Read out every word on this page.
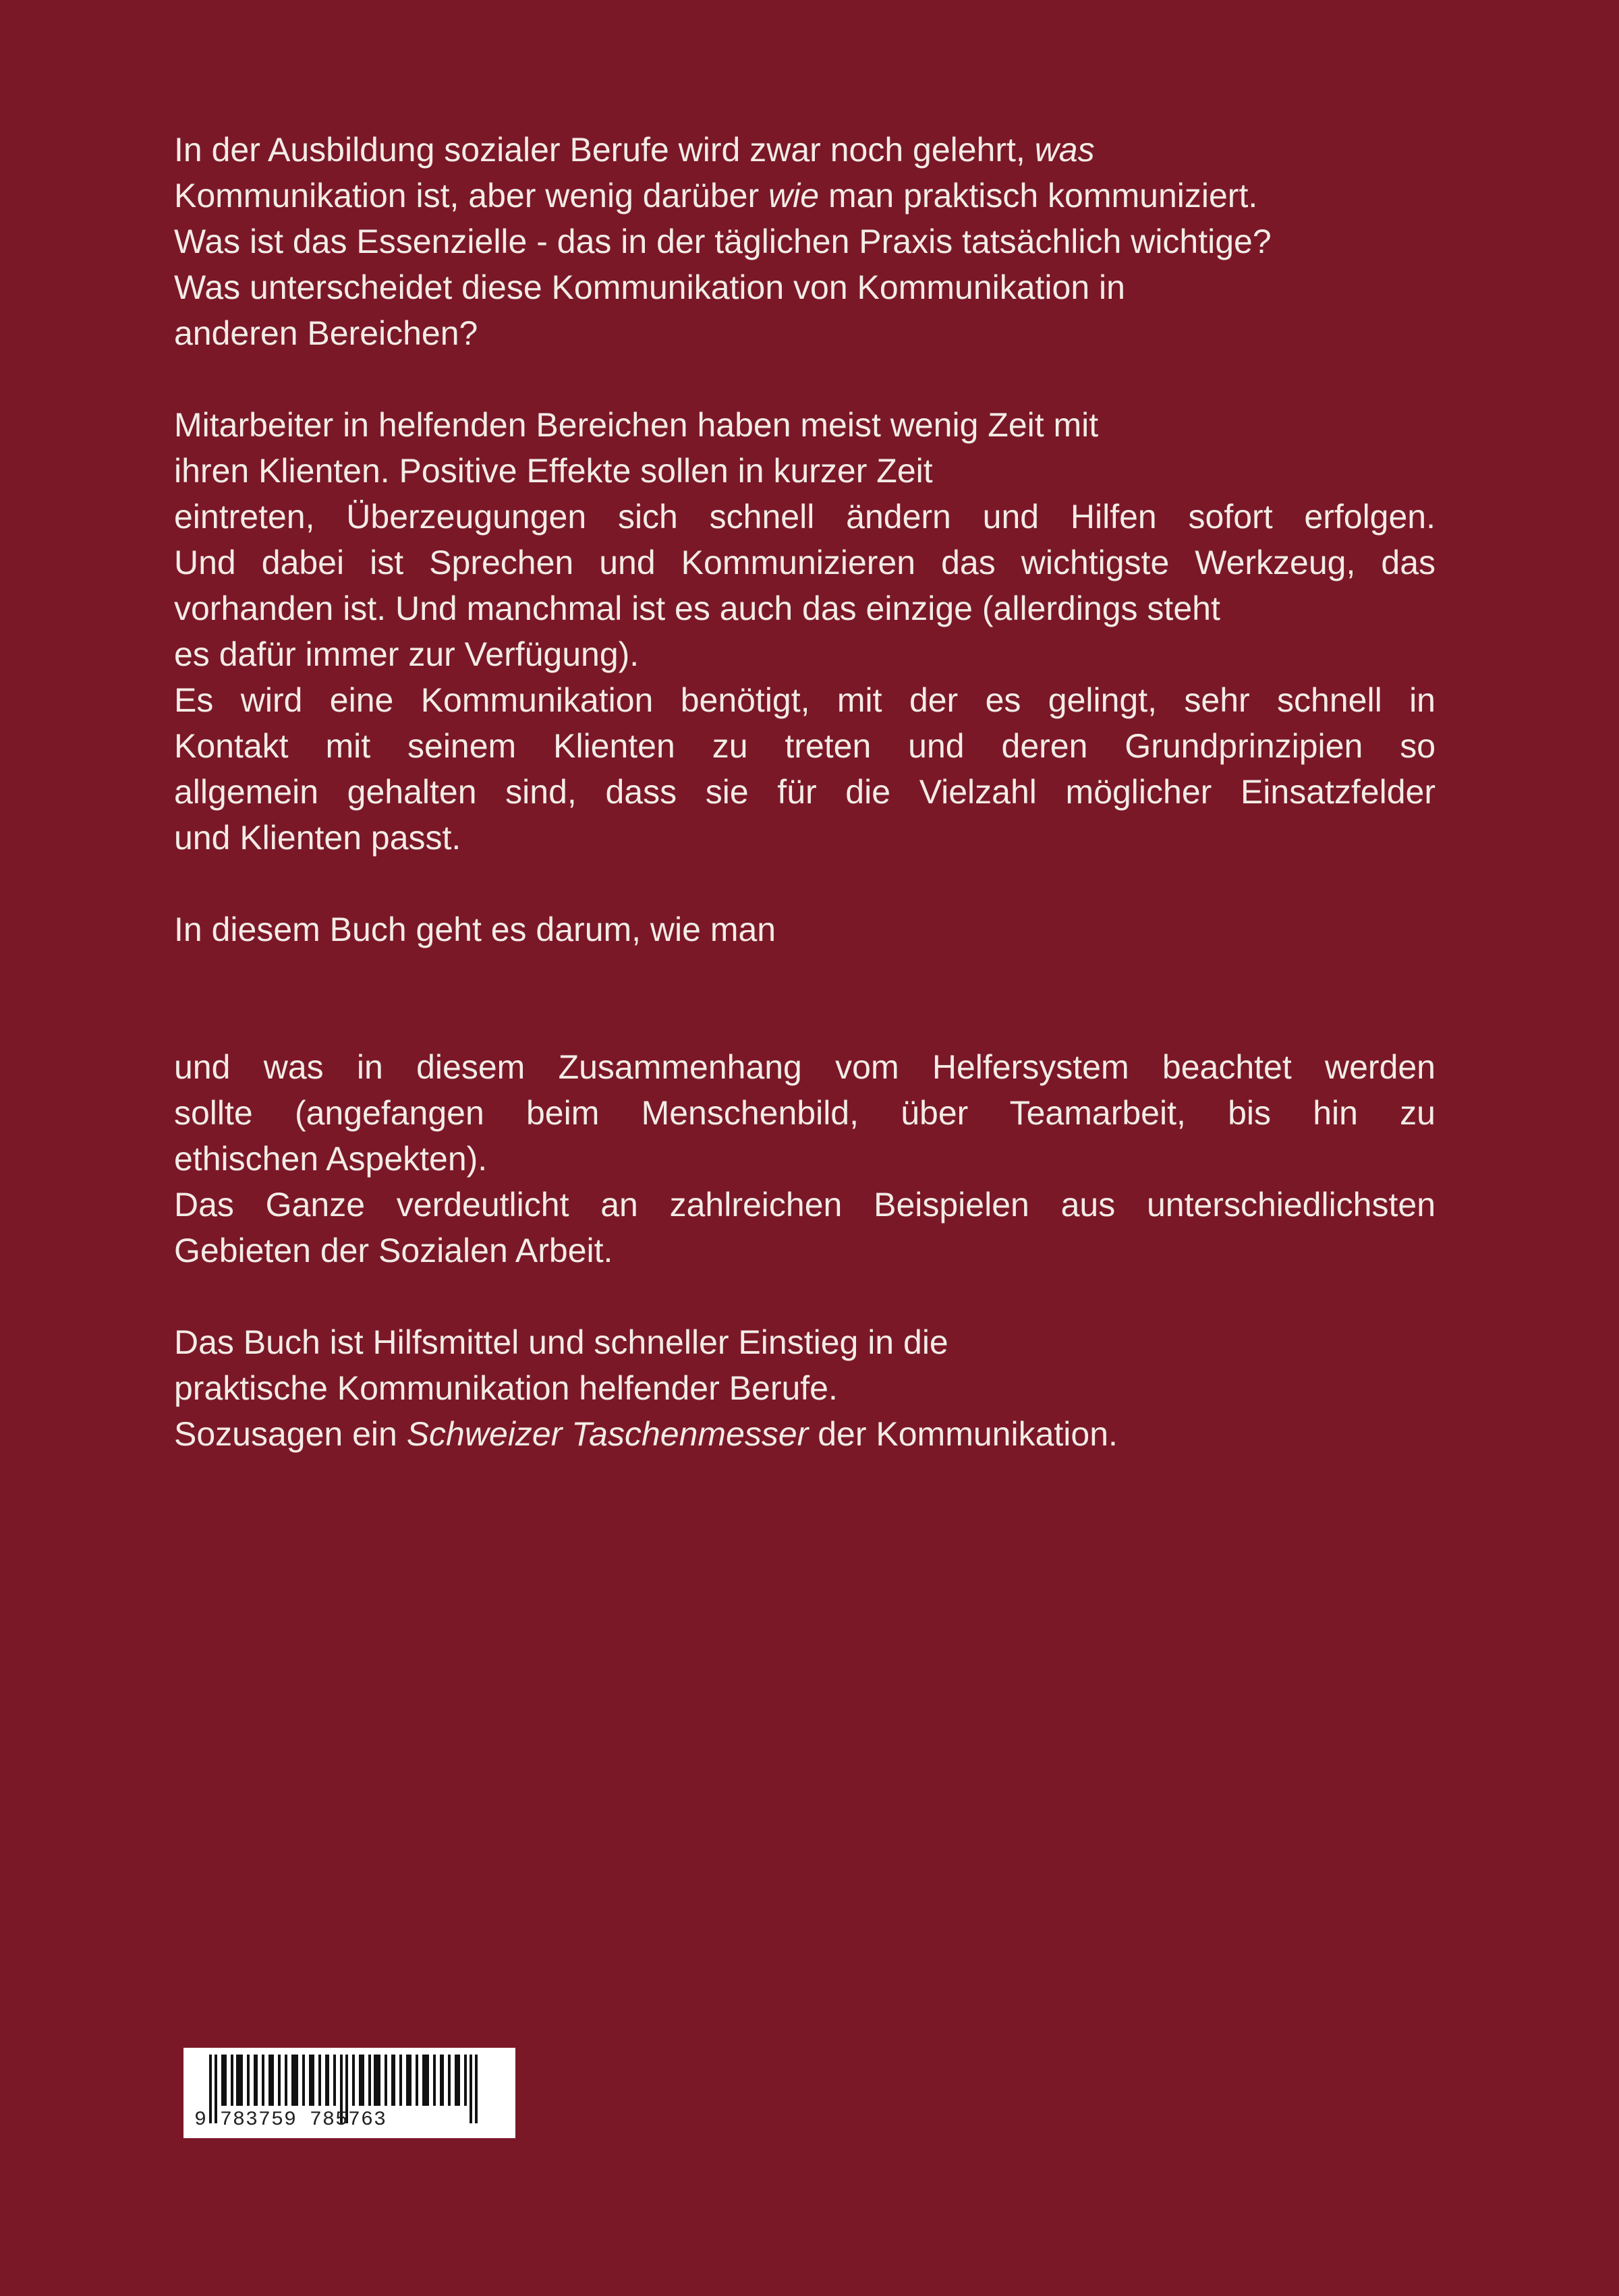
In der Ausbildung sozialer Berufe wird zwar noch gelehrt, was
Kommunikation ist, aber wenig darüber wie man praktisch kommuniziert.
Was ist das Essenzielle - das in der täglichen Praxis tatsächlich wichtige?
Was unterscheidet diese Kommunikation von Kommunikation in
anderen Bereichen?
Mitarbeiter in helfenden Bereichen haben meist wenig Zeit mit
ihren Klienten. Positive Effekte sollen in kurzer Zeit
eintreten, Überzeugungen sich schnell ändern und Hilfen sofort erfolgen.
Und dabei ist Sprechen und Kommunizieren das wichtigste Werkzeug, das
vorhanden ist. Und manchmal ist es auch das einzige (allerdings steht
es dafür immer zur Verfügung).
Es wird eine Kommunikation benötigt, mit der es gelingt, sehr schnell in
Kontakt mit seinem Klienten zu treten und deren Grundprinzipien so
allgemein gehalten sind, dass sie für die Vielzahl möglicher Einsatzfelder
und Klienten passt.
In diesem Buch geht es darum, wie man
und was in diesem Zusammenhang vom Helfersystem beachtet werden
sollte (angefangen beim Menschenbild, über Teamarbeit, bis hin zu
ethischen Aspekten).
Das Ganze verdeutlicht an zahlreichen Beispielen aus unterschiedlichsten
Gebieten der Sozialen Arbeit.
Das Buch ist Hilfsmittel und schneller Einstieg in die
praktische Kommunikation helfender Berufe.
Sozusagen ein Schweizer Taschenmesser der Kommunikation.
9 783759 785763
